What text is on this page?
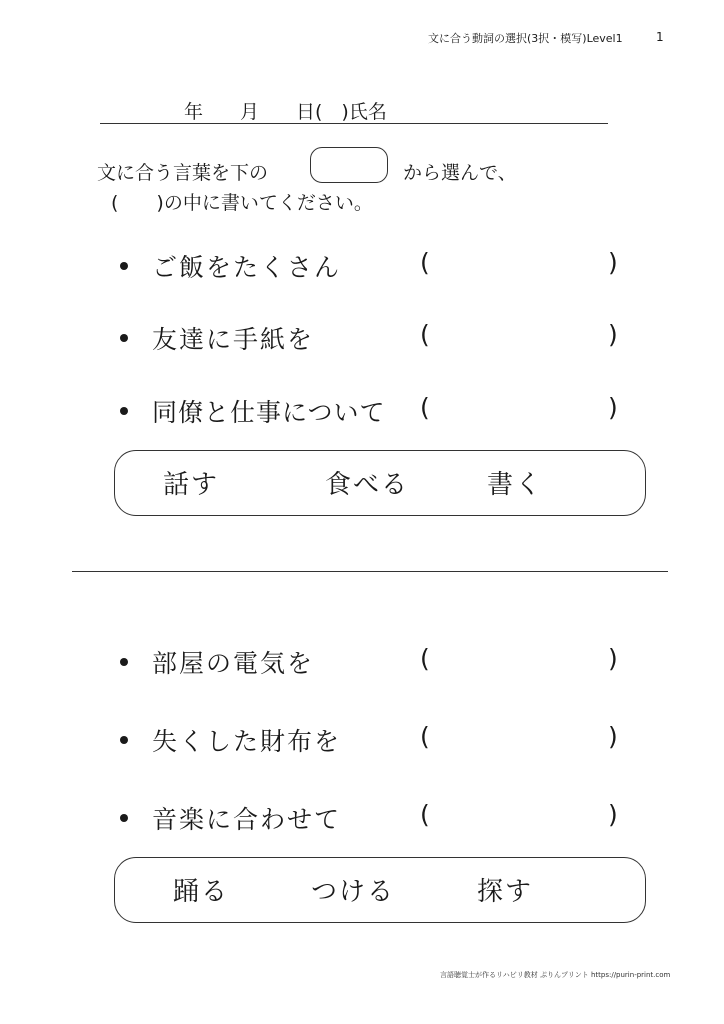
文に合う動詞の選択(3択・模写)Level1	1
年 月 日(　)氏名
文に合う言葉を下の	から選んで、
(　　)の中に書いてください。
ご飯をたくさん	(	)
友達に手紙を	(	)
同僚と仕事について (	)
話す	食べる	書く
部屋の電気を	(	)
失くした財布を	(	)
音楽に合わせて	(	)
踊る	つける	探す
言語聴覚士が作るリハビリ教材 ぷりんプリント https://purin-print.com
